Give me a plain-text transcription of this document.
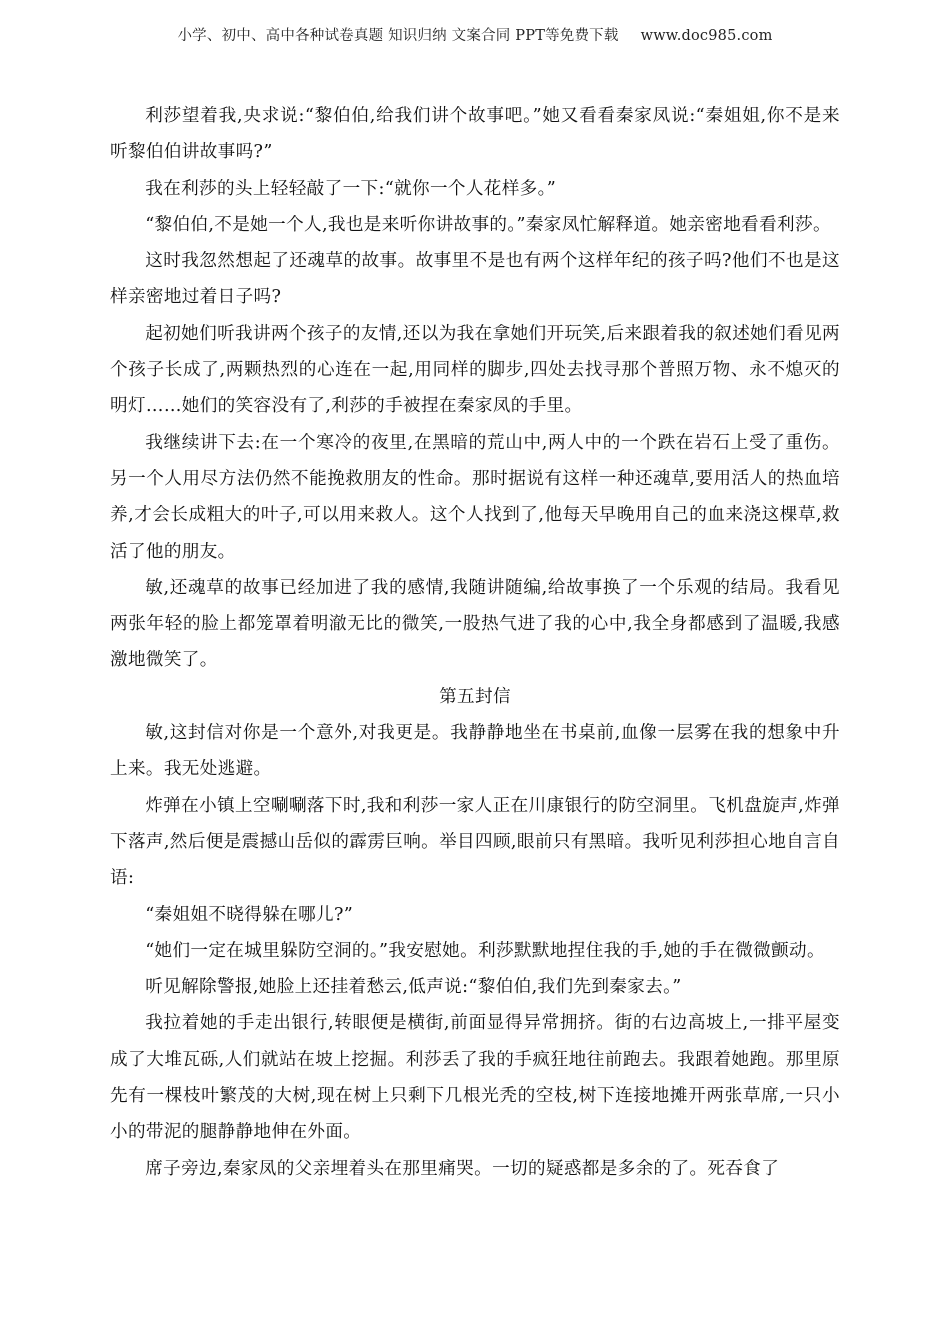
小学、初中、高中各种试卷真题 知识归纳 文案合同 PPT等免费下载 www.doc985.com

利莎望着我,央求说:“黎伯伯,给我们讲个故事吧。”她又看看秦家凤说:“秦姐姐,你不是来听黎伯伯讲故事吗?”

我在利莎的头上轻轻敲了一下:“就你一个人花样多。”

“黎伯伯,不是她一个人,我也是来听你讲故事的。”秦家凤忙解释道。她亲密地看看利莎。

这时我忽然想起了还魂草的故事。故事里不是也有两个这样年纪的孩子吗?他们不也是这样亲密地过着日子吗?

起初她们听我讲两个孩子的友情,还以为我在拿她们开玩笑,后来跟着我的叙述她们看见两个孩子长成了,两颗热烈的心连在一起,用同样的脚步,四处去找寻那个普照万物、永不熄灭的明灯……她们的笑容没有了,利莎的手被捏在秦家凤的手里。

我继续讲下去:在一个寒冷的夜里,在黑暗的荒山中,两人中的一个跌在岩石上受了重伤。另一个人用尽方法仍然不能挽救朋友的性命。那时据说有这样一种还魂草,要用活人的热血培养,才会长成粗大的叶子,可以用来救人。这个人找到了,他每天早晚用自己的血来浇这棵草,救活了他的朋友。

敏,还魂草的故事已经加进了我的感情,我随讲随编,给故事换了一个乐观的结局。我看见两张年轻的脸上都笼罩着明澈无比的微笑,一股热气进了我的心中,我全身都感到了温暖,我感激地微笑了。

第五封信

敏,这封信对你是一个意外,对我更是。我静静地坐在书桌前,血像一层雾在我的想象中升上来。我无处逃避。

炸弹在小镇上空唰唰落下时,我和利莎一家人正在川康银行的防空洞里。飞机盘旋声,炸弹下落声,然后便是震撼山岳似的霹雳巨响。举目四顾,眼前只有黑暗。我听见利莎担心地自言自语:

“秦姐姐不晓得躲在哪儿?”

“她们一定在城里躲防空洞的。”我安慰她。利莎默默地捏住我的手,她的手在微微颤动。

听见解除警报,她脸上还挂着愁云,低声说:“黎伯伯,我们先到秦家去。”

我拉着她的手走出银行,转眼便是横街,前面显得异常拥挤。街的右边高坡上,一排平屋变成了大堆瓦砾,人们就站在坡上挖掘。利莎丢了我的手疯狂地往前跑去。我跟着她跑。那里原先有一棵枝叶繁茂的大树,现在树上只剩下几根光秃的空枝,树下连接地摊开两张草席,一只小小的带泥的腿静静地伸在外面。

席子旁边,秦家凤的父亲埋着头在那里痛哭。一切的疑惑都是多余的了。死吞食了
